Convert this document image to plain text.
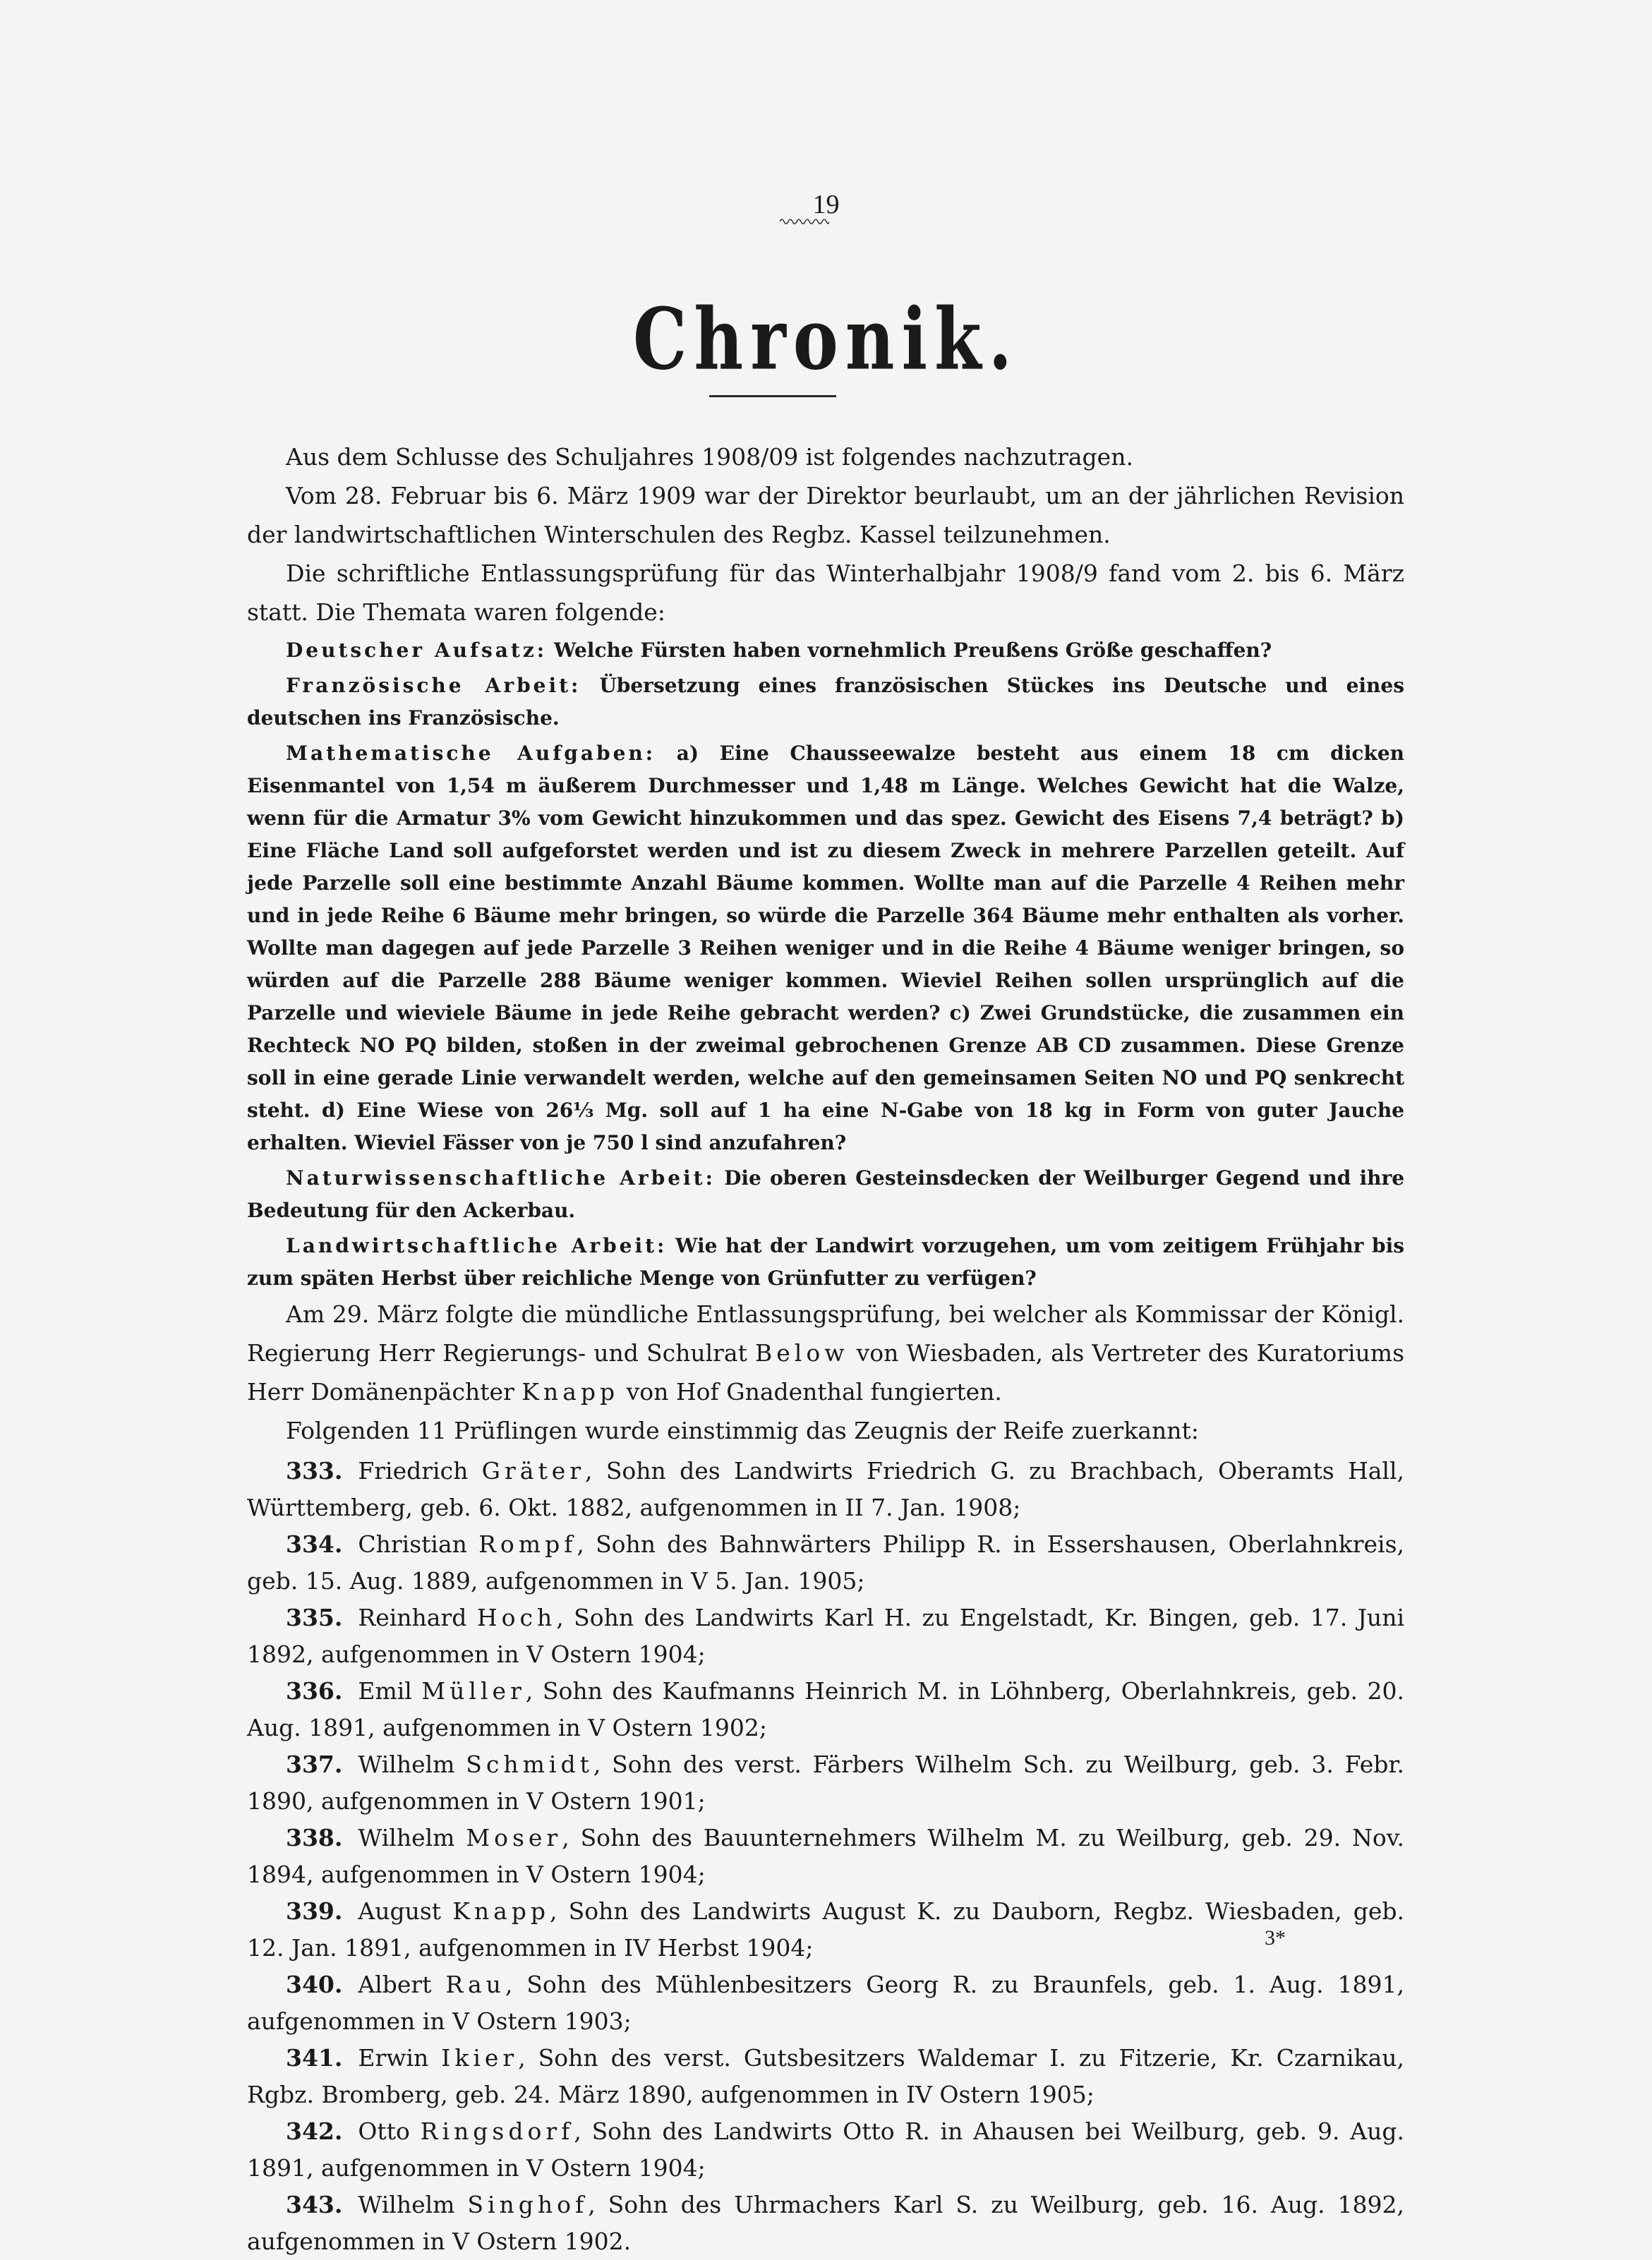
19
Chronik.

Aus dem Schlusse des Schuljahres 1908/09 ist folgendes nachzutragen.

Vom 28. Februar bis 6. März 1909 war der Direktor beurlaubt, um an der jährlichen Revision der landwirtschaftlichen Winterschulen des Regbz. Kassel teilzunehmen.

Die schriftliche Entlassungsprüfung für das Winterhalbjahr 1908/9 fand vom 2. bis 6. März statt. Die Themata waren folgende:

Deutscher Aufsatz: Welche Fürsten haben vornehmlich Preußens Größe geschaffen?

Französische Arbeit: Übersetzung eines französischen Stückes ins Deutsche und eines deutschen ins Französische.

Mathematische Aufgaben: a) Eine Chausseewalze besteht aus einem 18 cm dicken Eisenmantel von 1,54 m äußerem Durchmesser und 1,48 m Länge. Welches Gewicht hat die Walze, wenn für die Armatur 3% vom Gewicht hinzukommen und das spez. Gewicht des Eisens 7,4 beträgt? b) Eine Fläche Land soll aufgeforstet werden und ist zu diesem Zweck in mehrere Parzellen geteilt. Auf jede Parzelle soll eine bestimmte Anzahl Bäume kommen. Wollte man auf die Parzelle 4 Reihen mehr und in jede Reihe 6 Bäume mehr bringen, so würde die Parzelle 364 Bäume mehr enthalten als vorher. Wollte man dagegen auf jede Parzelle 3 Reihen weniger und in die Reihe 4 Bäume weniger bringen, so würden auf die Parzelle 288 Bäume weniger kommen. Wieviel Reihen sollen ursprünglich auf die Parzelle und wieviele Bäume in jede Reihe gebracht werden? c) Zwei Grundstücke, die zusammen ein Rechteck NO PQ bilden, stoßen in der zweimal gebrochenen Grenze AB CD zusammen. Diese Grenze soll in eine gerade Linie verwandelt werden, welche auf den gemeinsamen Seiten NO und PQ senkrecht steht. d) Eine Wiese von 26⅓ Mg. soll auf 1 ha eine N-Gabe von 18 kg in Form von guter Jauche erhalten. Wieviel Fässer von je 750 l sind anzufahren?

Naturwissenschaftliche Arbeit: Die oberen Gesteinsdecken der Weilburger Gegend und ihre Bedeutung für den Ackerbau.

Landwirtschaftliche Arbeit: Wie hat der Landwirt vorzugehen, um vom zeitigem Frühjahr bis zum späten Herbst über reichliche Menge von Grünfutter zu verfügen?

Am 29. März folgte die mündliche Entlassungsprüfung, bei welcher als Kommissar der Königl. Regierung Herr Regierungs- und Schulrat Below von Wiesbaden, als Vertreter des Kuratoriums Herr Domänenpächter Knapp von Hof Gnadenthal fungierten.

Folgenden 11 Prüflingen wurde einstimmig das Zeugnis der Reife zuerkannt:

333. Friedrich Gräter, Sohn des Landwirts Friedrich G. zu Brachbach, Oberamts Hall, Württemberg, geb. 6. Okt. 1882, aufgenommen in II 7. Jan. 1908;

334. Christian Rompf, Sohn des Bahnwärters Philipp R. in Essershausen, Oberlahnkreis, geb. 15. Aug. 1889, aufgenommen in V 5. Jan. 1905;

335. Reinhard Hoch, Sohn des Landwirts Karl H. zu Engelstadt, Kr. Bingen, geb. 17. Juni 1892, aufgenommen in V Ostern 1904;

336. Emil Müller, Sohn des Kaufmanns Heinrich M. in Löhnberg, Oberlahnkreis, geb. 20. Aug. 1891, aufgenommen in V Ostern 1902;

337. Wilhelm Schmidt, Sohn des verst. Färbers Wilhelm Sch. zu Weilburg, geb. 3. Febr. 1890, aufgenommen in V Ostern 1901;

338. Wilhelm Moser, Sohn des Bauunternehmers Wilhelm M. zu Weilburg, geb. 29. Nov. 1894, aufgenommen in V Ostern 1904;

339. August Knapp, Sohn des Landwirts August K. zu Dauborn, Regbz. Wiesbaden, geb. 12. Jan. 1891, aufgenommen in IV Herbst 1904;

340. Albert Rau, Sohn des Mühlenbesitzers Georg R. zu Braunfels, geb. 1. Aug. 1891, aufgenommen in V Ostern 1903;

341. Erwin Ikier, Sohn des verst. Gutsbesitzers Waldemar I. zu Fitzerie, Kr. Czarnikau, Rgbz. Bromberg, geb. 24. März 1890, aufgenommen in IV Ostern 1905;

342. Otto Ringsdorf, Sohn des Landwirts Otto R. in Ahausen bei Weilburg, geb. 9. Aug. 1891, aufgenommen in V Ostern 1904;

343. Wilhelm Singhof, Sohn des Uhrmachers Karl S. zu Weilburg, geb. 16. Aug. 1892, aufgenommen in V Ostern 1902.

3*
